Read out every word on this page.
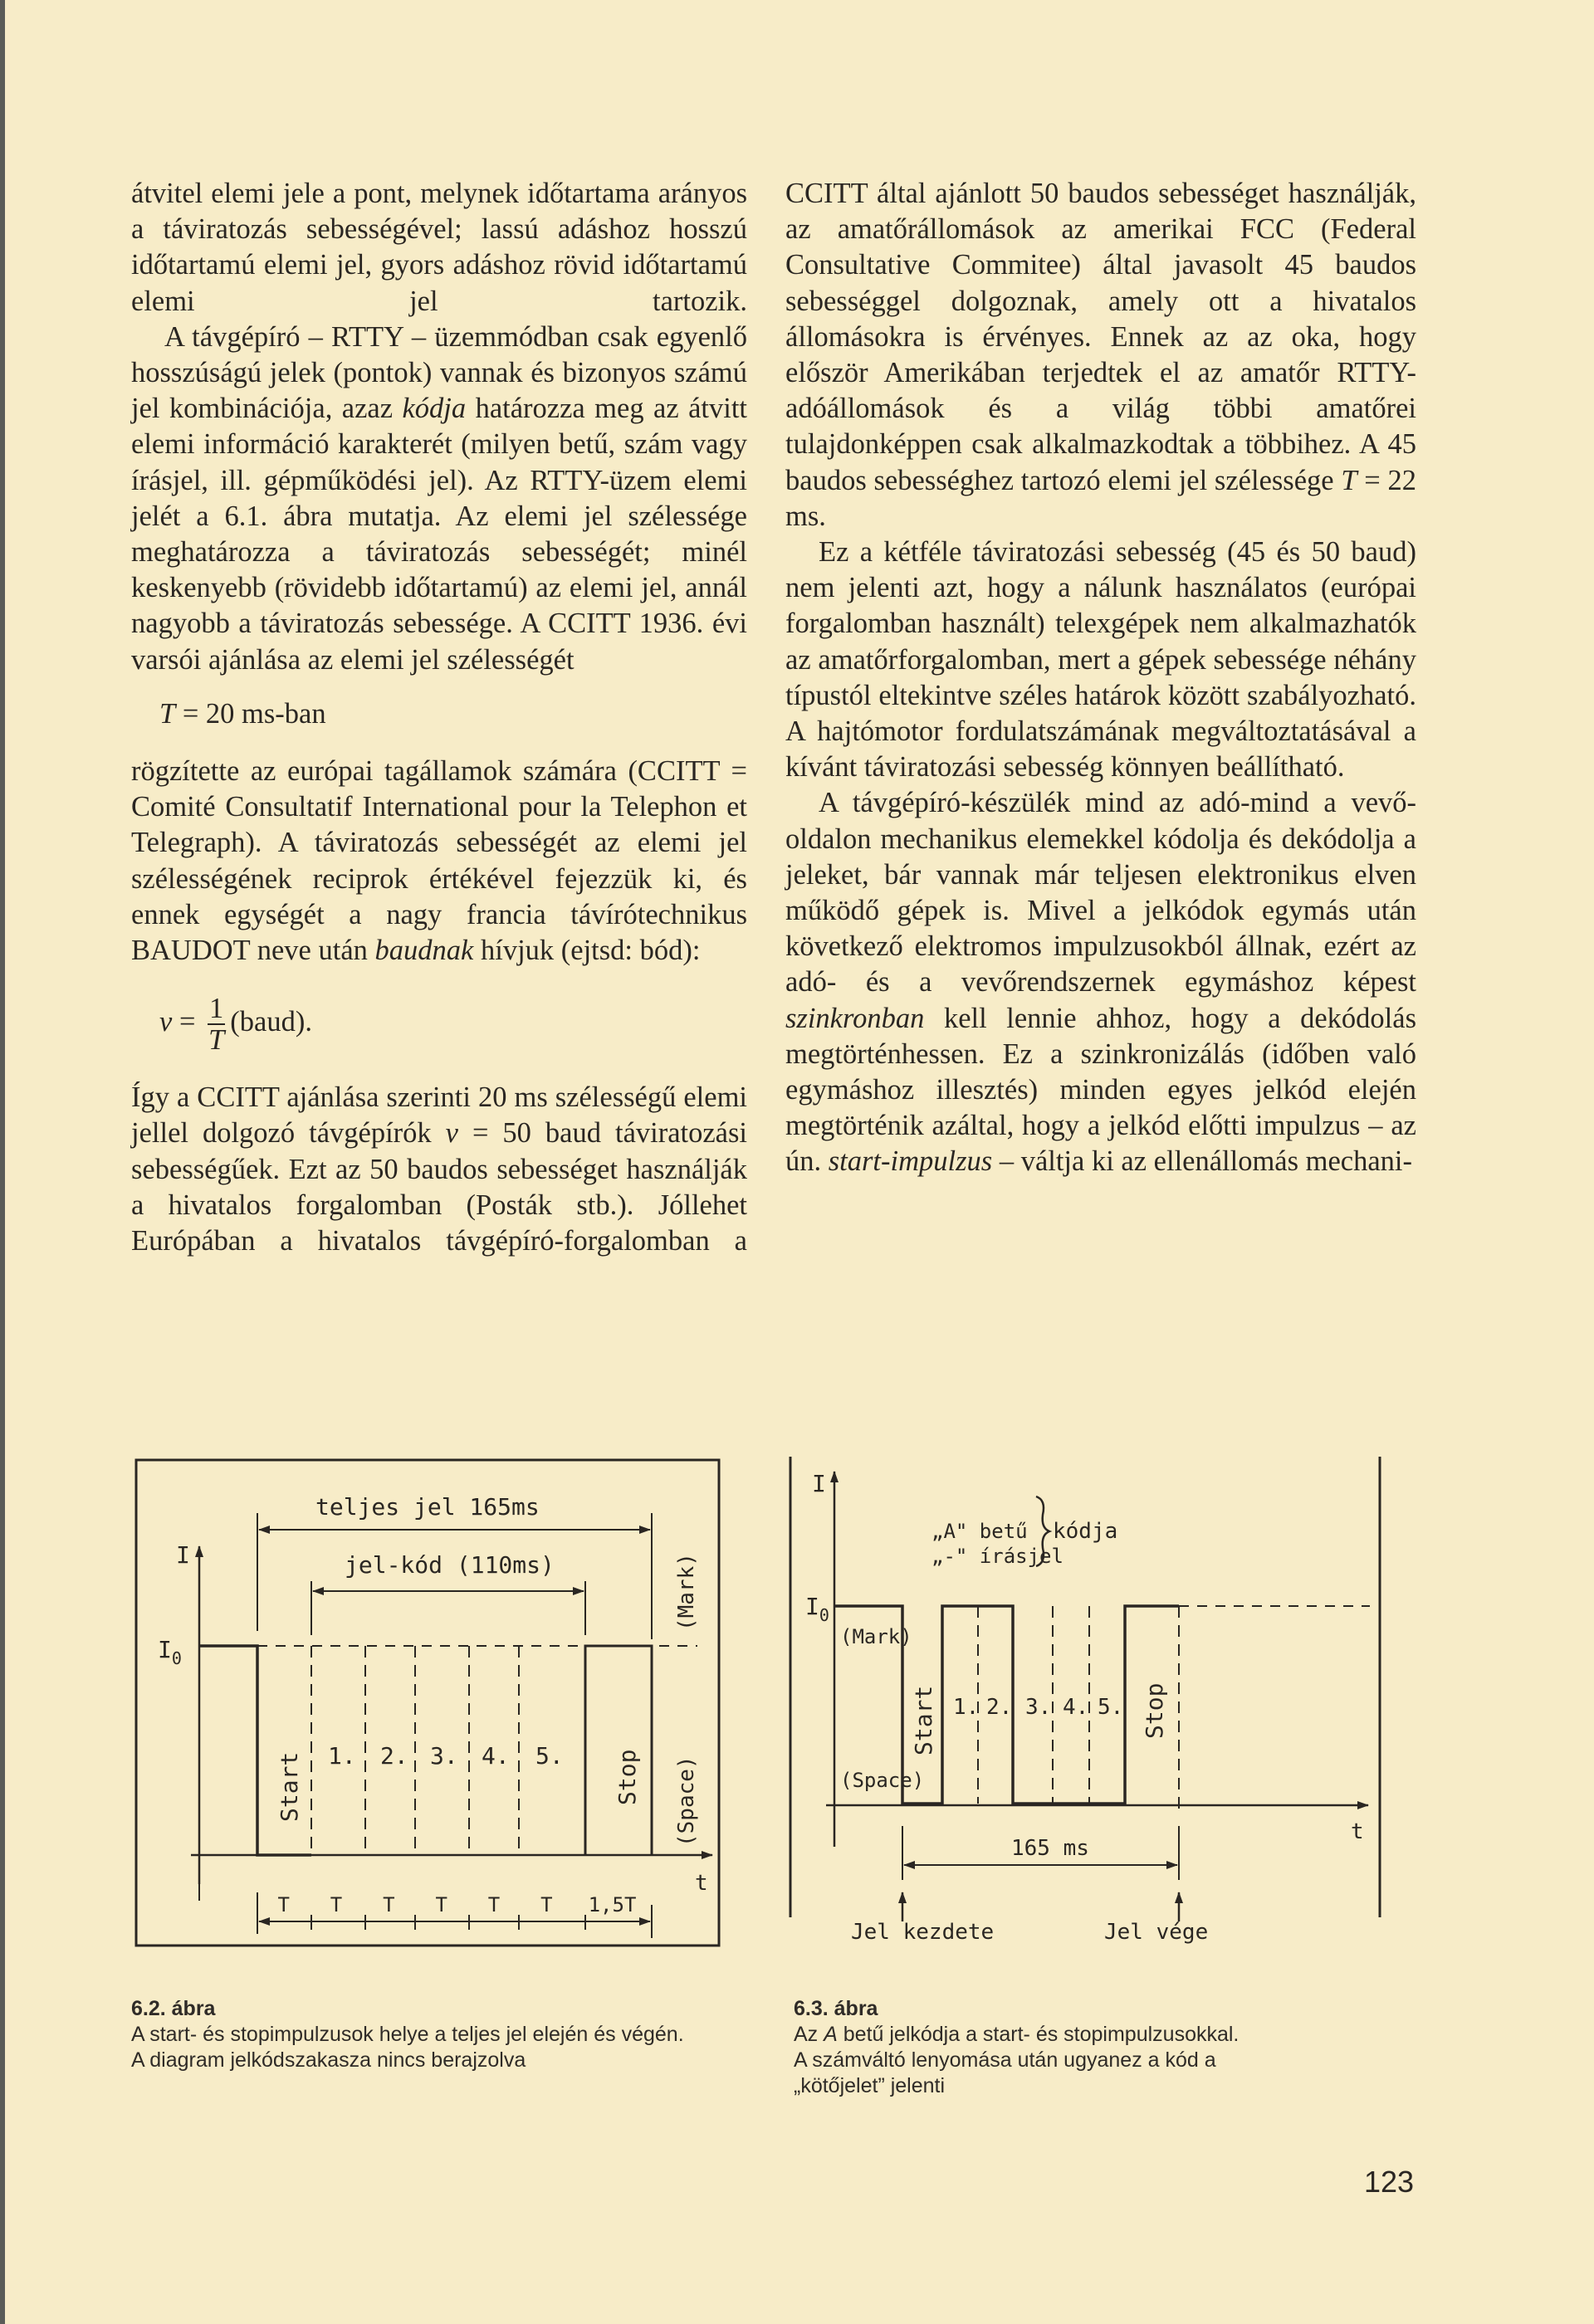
átvitel elemi jele a pont, melynek időtartama arányos a táviratozás sebességével; lassú adáshoz hosszú időtartamú elemi jel, gyors adáshoz rövid időtartamú elemi jel tartozik.

A távgépíró – RTTY – üzemmódban csak egyenlő hosszúságú jelek (pontok) vannak és bizonyos számú jel kombinációja, azaz kódja határozza meg az átvitt elemi információ karakterét (milyen betű, szám vagy írásjel, ill. gépműködési jel). Az RTTY-üzem elemi jelét a 6.1. ábra mutatja. Az elemi jel szélessége meghatározza a táviratozás sebességét; minél keskenyebb (rövidebb időtartamú) az elemi jel, annál nagyobb a táviratozás sebessége. A CCITT 1936. évi varsói ajánlása az elemi jel szélességét

T = 20 ms-ban

rögzítette az európai tagállamok számára (CCITT = Comité Consultatif International pour la Telephon et Telegraph). A táviratozás sebességét az elemi jel szélességének reciprok értékével fejezzük ki, és ennek egységét a nagy francia távírótechnikus BAUDOT neve után baudnak hívjuk (ejtsd: bód):

$v = \frac{1}{T}$ (baud).

Így a CCITT ajánlása szerinti 20 ms szélességű elemi jellel dolgozó távgépírók v = 50 baud táviratozási sebességűek. Ezt az 50 baudos sebességet használják a hivatalos forgalomban (Posták stb.). Jóllehet Európában a hivatalos távgépíró-forgalomban a

CCITT által ajánlott 50 baudos sebességet használják, az amatőrállomások az amerikai FCC (Federal Consultative Commitee) által javasolt 45 baudos sebességgel dolgoznak, amely ott a hivatalos állomásokra is érvényes. Ennek az az oka, hogy először Amerikában terjedtek el az amatőr RTTY-adóállomások és a világ többi amatőrei tulajdonképpen csak alkalmazkodtak a többihez. A 45 baudos sebességhez tartozó elemi jel szélessége T = 22 ms.

Ez a kétféle táviratozási sebesség (45 és 50 baud) nem jelenti azt, hogy a nálunk használatos (európai forgalomban használt) telexgépek nem alkalmazhatók az amatőrforgalomban, mert a gépek sebessége néhány típustól eltekintve széles határok között szabályozható. A hajtómotor fordulatszámának megváltoztatásával a kívánt táviratozási sebesség könnyen beállítható.

A távgépíró-készülék mind az adó-mind a vevő-oldalon mechanikus elemekkel kódolja és dekódolja a jeleket, bár vannak már teljesen elektronikus elven működő gépek is. Mivel a jelkódok egymás után következő elektromos impulzusokból állnak, ezért az adó- és a vevőrendszernek egymáshoz képest szinkronban kell lennie ahhoz, hogy a dekódolás megtörténhessen. Ez a szinkronizálás (időben való egymáshoz illesztés) minden egyes jelkód elején megtörténik azáltal, hogy a jelkód előtti impulzus – az ún. start-impulzus – váltja ki az ellenállomás mechani-

I
$I_0$
t
teljes jel 165ms
jel-kód (110ms)	(Mark)
(Space)
Start	Stop
1. 2. 3. 4. 5.
T T T T T T 1,5T
6.2. ábra
A start- és stopimpulzusok helye a teljes jel elején és végén.
A diagram jelkódszakasza nincs berajzolva
I
$I_0$
t
(Mark)
(Space)
Start	Stop
1. 2. 3. 4. 5.
„A" betű
„-" írásjel
kódja
165 ms
Jel kezdete	Jel vége
6.3. ábra
Az A betű jelkódja a start- és stopimpulzusokkal.
A számváltó lenyomása után ugyanez a kód a
„kötőjelet” jelenti
123
